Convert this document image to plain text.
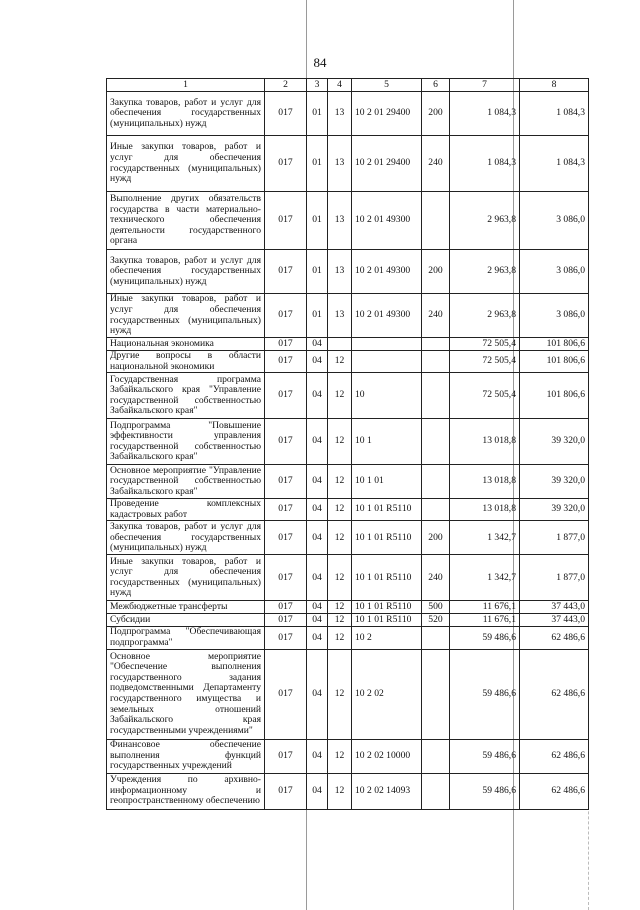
84
1	2	3	4	5	6	7	8
Закупка товаров, работ и услуг для обеспечения государственных (муниципальных) нужд	017	01	13	10 2 01 29400	200	1 084,3	1 084,3
Иные закупки товаров, работ и услуг для обеспечения государственных (муниципальных) нужд	017	01	13	10 2 01 29400	240	1 084,3	1 084,3
Выполнение других обязательств государства в части материально-технического обеспечения деятельности государственного органа	017	01	13	10 2 01 49300		2 963,8	3 086,0
Закупка товаров, работ и услуг для обеспечения государственных (муниципальных) нужд	017	01	13	10 2 01 49300	200	2 963,8	3 086,0
Иные закупки товаров, работ и услуг для обеспечения государственных (муниципальных) нужд	017	01	13	10 2 01 49300	240	2 963,8	3 086,0
Национальная экономика	017	04				72 505,4	101 806,6
Другие вопросы в области национальной экономики	017	04	12			72 505,4	101 806,6
Государственная программа Забайкальского края "Управление государственной собственностью Забайкальского края"	017	04	12	10		72 505,4	101 806,6
Подпрограмма "Повышение эффективности управления государственной собственностью Забайкальского края"	017	04	12	10 1		13 018,8	39 320,0
Основное мероприятие "Управление государственной собственностью Забайкальского края"	017	04	12	10 1 01		13 018,8	39 320,0
Проведение комплексных кадастровых работ	017	04	12	10 1 01 R5110		13 018,8	39 320,0
Закупка товаров, работ и услуг для обеспечения государственных (муниципальных) нужд	017	04	12	10 1 01 R5110	200	1 342,7	1 877,0
Иные закупки товаров, работ и услуг для обеспечения государственных (муниципальных) нужд	017	04	12	10 1 01 R5110	240	1 342,7	1 877,0
Межбюджетные трансферты	017	04	12	10 1 01 R5110	500	11 676,1	37 443,0
Субсидии	017	04	12	10 1 01 R5110	520	11 676,1	37 443,0
Подпрограмма "Обеспечивающая подпрограмма"	017	04	12	10 2		59 486,6	62 486,6
Основное мероприятие "Обеспечение выполнения государственного задания подведомственными Департаменту государственного имущества и земельных отношений Забайкальского края государственными учреждениями"	017	04	12	10 2 02		59 486,6	62 486,6
Финансовое обеспечение выполнения функций государственных учреждений	017	04	12	10 2 02 10000		59 486,6	62 486,6
Учреждения по архивно-информационному и геопространственному обеспечению	017	04	12	10 2 02 14093		59 486,6	62 486,6
